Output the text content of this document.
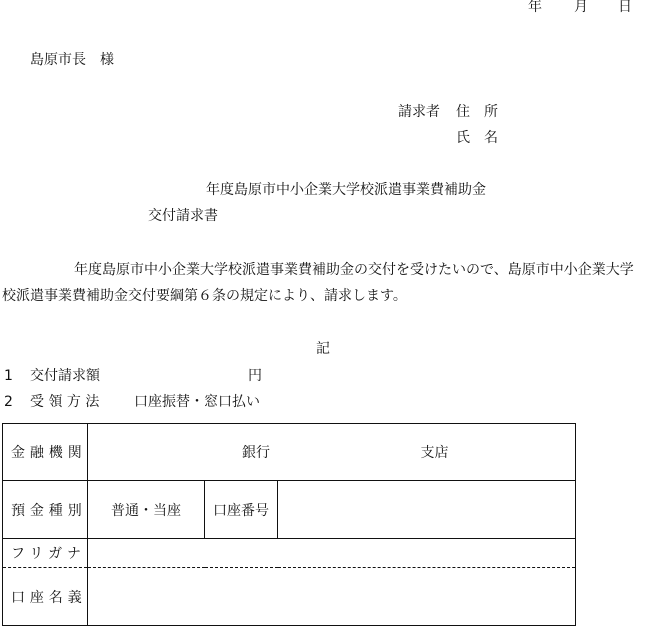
年 月 日
島原市長　様
請求者 住　所
氏　名
年度島原市中小企業大学校派遣事業費補助金
交付請求書
年度島原市中小企業大学校派遣事業費補助金の交付を受けたいので、島原市中小企業大学
校派遣事業費補助金交付要綱第６条の規定により、請求します。
記
1 交付請求額	円
2 受 領 方 法 口座振替・窓口払い
金融機関	銀行 支店		
預金種別	普通・当座	口座番号	
フリガナ			
口座名義			
